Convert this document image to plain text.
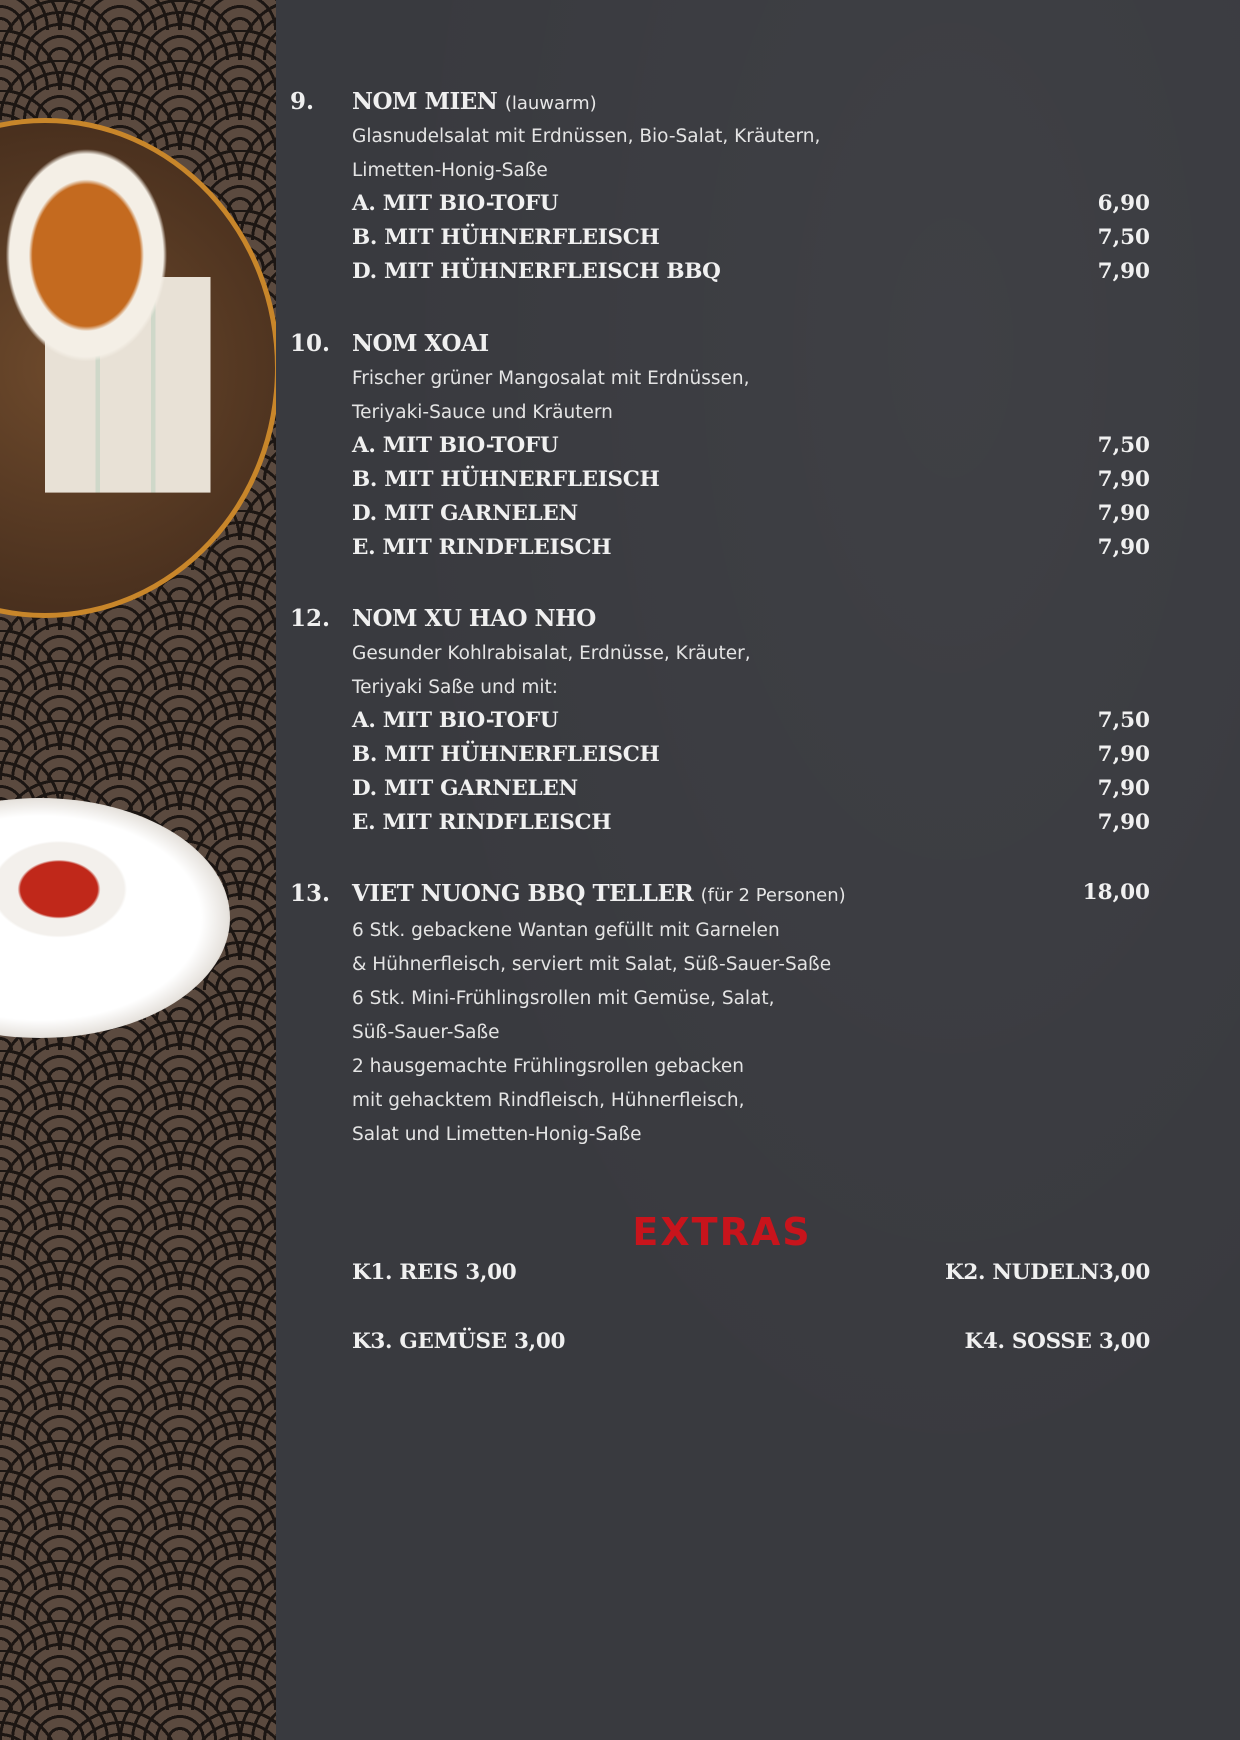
9. NOM MIEN (lauwarm)
Glasnudelsalat mit Erdnüssen, Bio-Salat, Kräutern,
Limetten-Honig-Saße
A. MIT BIO-TOFU	6,90
B. MIT HÜHNERFLEISCH	7,50
D. MIT HÜHNERFLEISCH BBQ	7,90
10. NOM XOAI
Frischer grüner Mangosalat mit Erdnüssen,
Teriyaki-Sauce und Kräutern
A. MIT BIO-TOFU	7,50
B. MIT HÜHNERFLEISCH	7,90
D. MIT GARNELEN	7,90
E. MIT RINDFLEISCH	7,90
12. NOM XU HAO NHO
Gesunder Kohlrabisalat, Erdnüsse, Kräuter,
Teriyaki Saße und mit:
A. MIT BIO-TOFU	7,50
B. MIT HÜHNERFLEISCH	7,90
D. MIT GARNELEN	7,90
E. MIT RINDFLEISCH	7,90
13. VIET NUONG BBQ TELLER (für 2 Personen)	18,00
6 Stk. gebackene Wantan gefüllt mit Garnelen
& Hühnerfleisch, serviert mit Salat, Süß-Sauer-Saße
6 Stk. Mini-Frühlingsrollen mit Gemüse, Salat,
Süß-Sauer-Saße
2 hausgemachte Frühlingsrollen gebacken
mit gehacktem Rindfleisch, Hühnerfleisch,
Salat und Limetten-Honig-Saße
EXTRAS
K1. REIS 3,00	K2. NUDELN3,00
K3. GEMÜSE 3,00	K4. SOSSE 3,00
